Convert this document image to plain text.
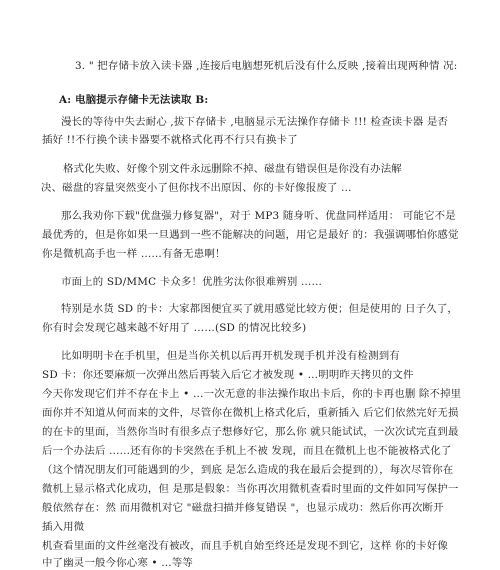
3. " 把存储卡放入读卡器 ,连接后电脑想死机后没有什么反映 ,接着出现两种情 况:
A: 电脑提示存储卡无法读取 B:
漫长的等待中失去耐心 ,拔下存储卡 ,电脑显示无法操作存储卡 !!! 检查读卡器 是否
插好 !!不行换个读卡器要不就格式化再不行只有换卡了
格式化失败、好像个别文件永远删除不掉、磁盘有错误但是你没有办法解
决、磁盘的容量突然变小了但你找不出原因、你的卡好像报废了 …
那么我劝你下载"优盘强力修复器"，对于 MP3 随身听、优盘同样适用： 可能它不是
最优秀的，但是你如果一旦遇到一些不能解决的问题，用它是最好 的：我强调哪怕你感觉
你是微机高手也一样 ……有备无患啊！
市面上的 SD/MMC 卡众多！优胜劣汰你很难辨别 ……
特别是水货 SD 的卡：大家都图便宜买了就用感觉比较方便；但是使用的 日子久了，
你有时会发现它越来越不好用了 ……(SD 的情况比较多)
比如明明卡在手机里，但是当你关机以后再开机发现手机并没有检测到有
SD 卡：你还要麻烦一次弹出然后再装入后它才被发现 • …明明昨天拷贝的文件
今天你发现它们并不存在卡上 • …一次无意的非法操作取出卡后，你的卡再也删 除不掉里
面你并不知道从何而来的文件，尽管你在微机上格式化后，重新插入 后它们依然完好无损
的在卡的里面，当然你当时有很多点子想修好它，那么你 就只能试试，一次次试完直到最
后一个办法后 ……还有你的卡突然在手机上不被 发现，而且在微机上也不能被格式化了
（这个情况朋友们可能遇到的少，到底 是怎么造成的我在最后会提到的），每次尽管你在
微机上显示格式化成功，但 是那是假象：当你再次用微机查看时里面的文件如同写保护一
般依然存在：然 而用微机对它 "磁盘扫描并修复错误 "，也显示成功：然后你再次断开
插入用微
机查看里面的文件丝毫没有被改，而且手机自始至终还是发现不到它，这样 你的卡好像
中了幽灵一般今你心寒 • …等等
